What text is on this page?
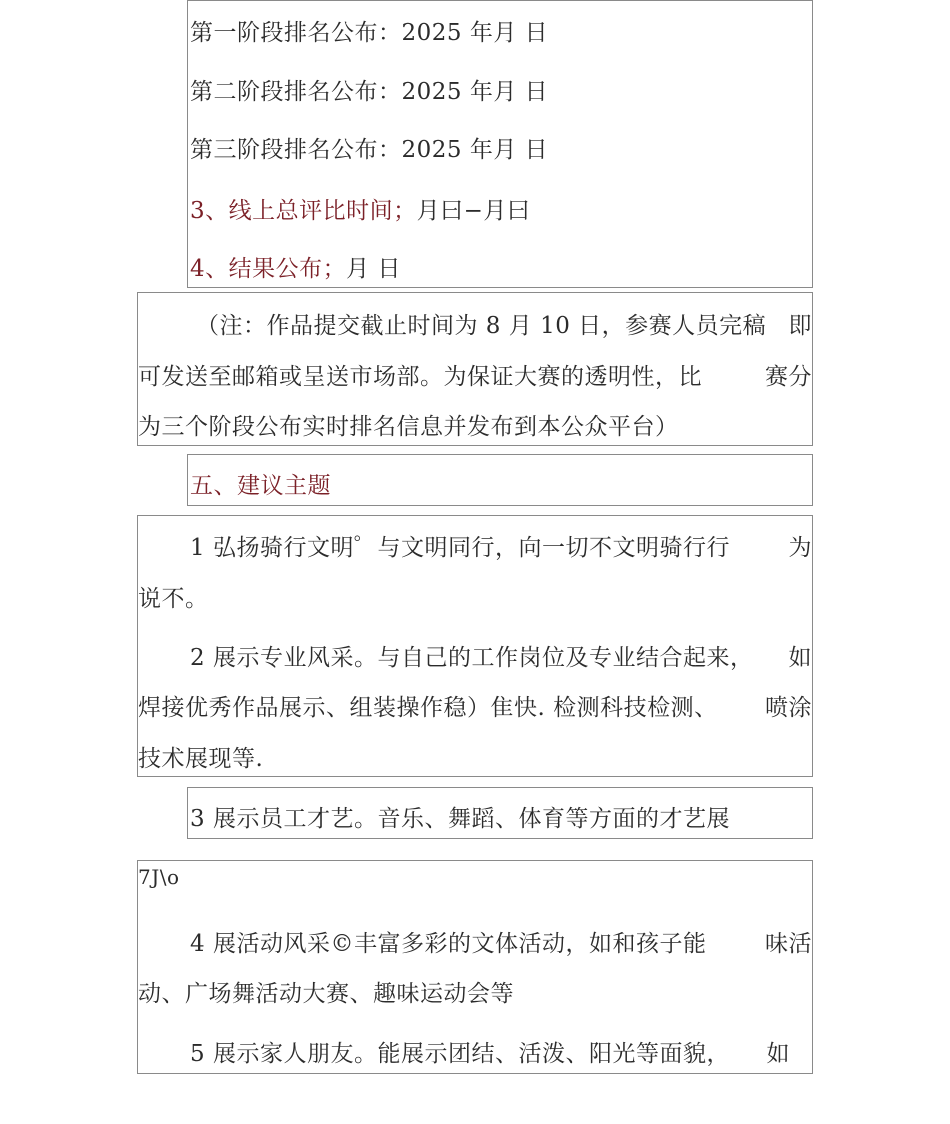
第一阶段排名公布：2025 年月 日
第二阶段排名公布：2025 年月 日
第三阶段排名公布：2025 年月 日
3、线上总评比时间；月曰−月曰
4、结果公布；月 日
（注：作品提交截止时间为 8 月 10 日，参赛人员完稿 即
可发送至邮箱或呈送市场部。为保证大赛的透明性，比	赛分
为三个阶段公布实时排名信息并发布到本公众平台）
五、建议主题
1 弘扬骑行文明゜与文明同行，向一切不文明骑行行	为
说不。
2 展示专业风采。与自己的工作岗位及专业结合起来， 如
焊接优秀作品展示、组装操作稳）隹快. 检测科技检测、 喷涂
技术展现等.
3 展示员工才艺。音乐、舞蹈、体育等方面的才艺展
7J\o
4 展活动风采©丰富多彩的文体活动，如和孩子能	味活
动、广场舞活动大赛、趣味运动会等
5 展示家人朋友。能展示团结、活泼、阳光等面貌， 如
